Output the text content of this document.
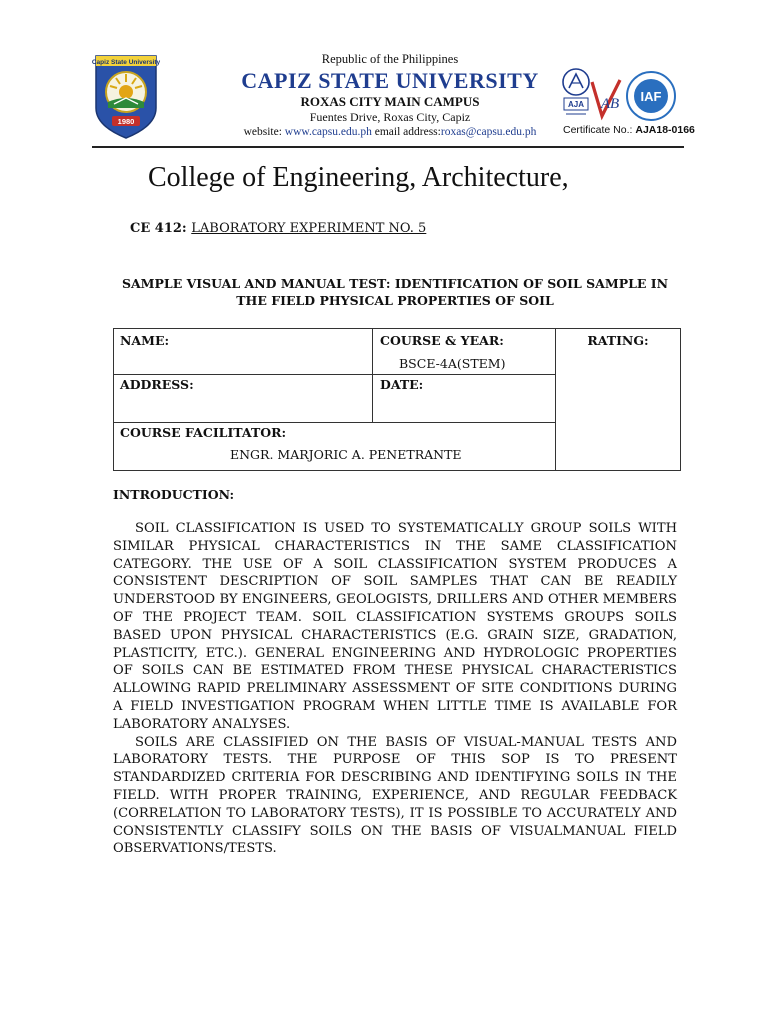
Capiz State University
1980
Republic of the Philippines
CAPIZ STATE UNIVERSITY
ROXAS CITY MAIN CAMPUS
Fuentes Drive, Roxas City, Capiz
website: www.capsu.edu.ph email address:roxas@capsu.edu.ph
AJA AB IAF
Certificate No.: AJA18-0166
College of Engineering, Architecture,
CE 412: LABORATORY EXPERIMENT NO. 5
SAMPLE VISUAL AND MANUAL TEST: IDENTIFICATION OF SOIL SAMPLE IN
THE FIELD PHYSICAL PROPERTIES OF SOIL
NAME:	COURSE & YEAR:
BSCE-4A(STEM)
RATING:
ADDRESS:	DATE:
COURSE FACILITATOR:
ENGR. MARJORIC A. PENETRANTE
INTRODUCTION:

SOIL CLASSIFICATION IS USED TO SYSTEMATICALLY GROUP SOILS WITH SIMILAR PHYSICAL CHARACTERISTICS IN THE SAME CLASSIFICATION CATEGORY. THE USE OF A SOIL CLASSIFICATION SYSTEM PRODUCES A CONSISTENT DESCRIPTION OF SOIL SAMPLES THAT CAN BE READILY UNDERSTOOD BY ENGINEERS, GEOLOGISTS, DRILLERS AND OTHER MEMBERS OF THE PROJECT TEAM. SOIL CLASSIFICATION SYSTEMS GROUPS SOILS BASED UPON PHYSICAL CHARACTERISTICS (E.G. GRAIN SIZE, GRADATION, PLASTICITY, ETC.). GENERAL ENGINEERING AND HYDROLOGIC PROPERTIES OF SOILS CAN BE ESTIMATED FROM THESE PHYSICAL CHARACTERISTICS ALLOWING RAPID PRELIMINARY ASSESSMENT OF SITE CONDITIONS DURING A FIELD INVESTIGATION PROGRAM WHEN LITTLE TIME IS AVAILABLE FOR LABORATORY ANALYSES.

SOILS ARE CLASSIFIED ON THE BASIS OF VISUAL-MANUAL TESTS AND LABORATORY TESTS. THE PURPOSE OF THIS SOP IS TO PRESENT STANDARDIZED CRITERIA FOR DESCRIBING AND IDENTIFYING SOILS IN THE FIELD. WITH PROPER TRAINING, EXPERIENCE, AND REGULAR FEEDBACK (CORRELATION TO LABORATORY TESTS), IT IS POSSIBLE TO ACCURATELY AND CONSISTENTLY CLASSIFY SOILS ON THE BASIS OF VISUALMANUAL FIELD OBSERVATIONS/TESTS.
